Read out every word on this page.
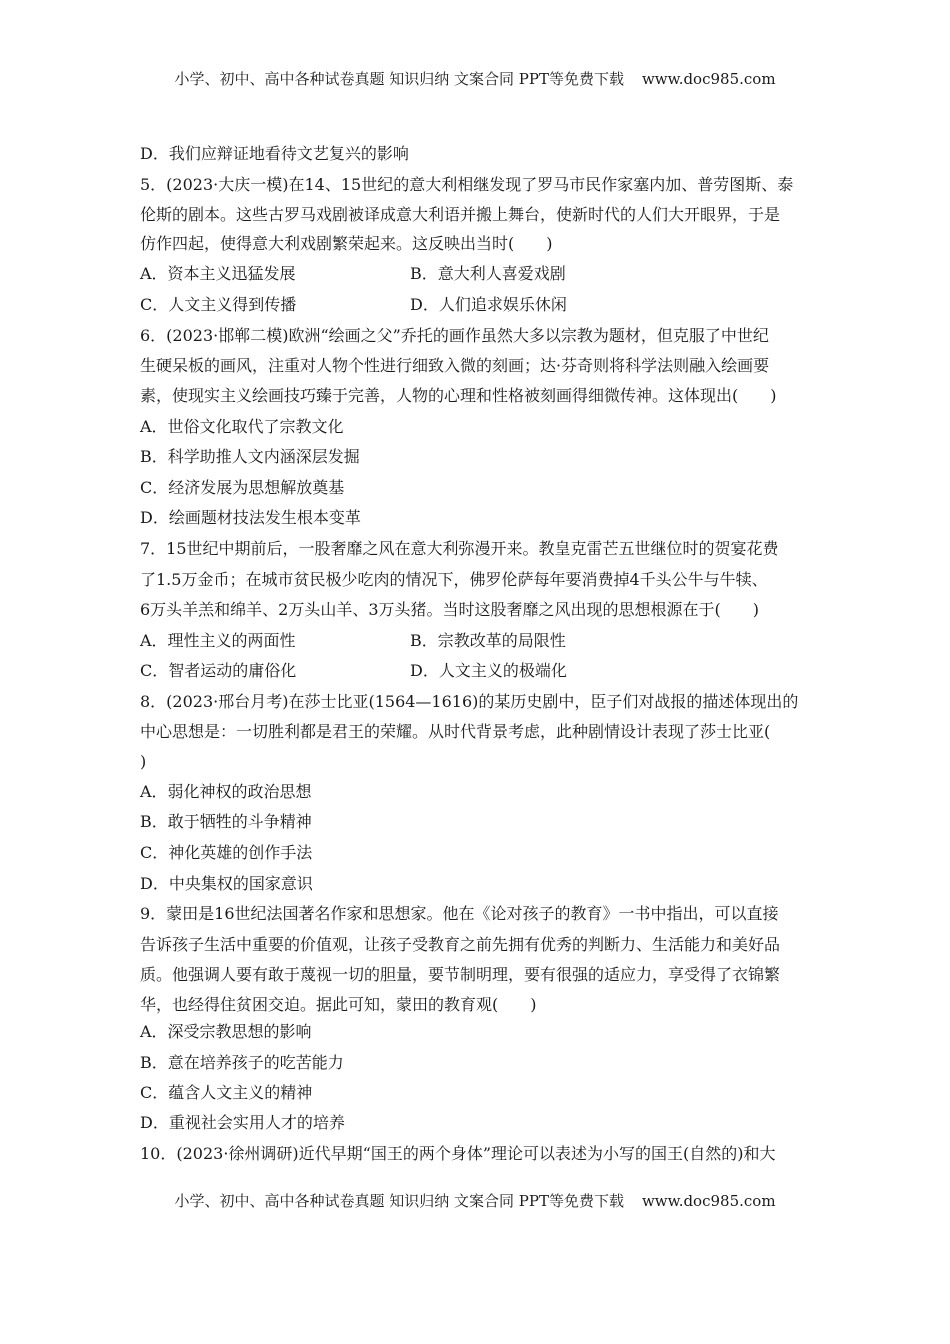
小学、初中、高中各种试卷真题 知识归纳 文案合同 PPT等免费下载 www.doc985.com
D．我们应辩证地看待文艺复兴的影响
5．(2023·大庆一模)在14、15世纪的意大利相继发现了罗马市民作家塞内加、普劳图斯、泰
伦斯的剧本。这些古罗马戏剧被译成意大利语并搬上舞台，使新时代的人们大开眼界，于是
仿作四起，使得意大利戏剧繁荣起来。这反映出当时(　　)
A．资本主义迅猛发展	B．意大利人喜爱戏剧
C．人文主义得到传播	D．人们追求娱乐休闲
6．(2023·邯郸二模)欧洲“绘画之父”乔托的画作虽然大多以宗教为题材，但克服了中世纪
生硬呆板的画风，注重对人物个性进行细致入微的刻画；达·芬奇则将科学法则融入绘画要
素，使现实主义绘画技巧臻于完善，人物的心理和性格被刻画得细微传神。这体现出(　　)
A．世俗文化取代了宗教文化
B．科学助推人文内涵深层发掘
C．经济发展为思想解放奠基
D．绘画题材技法发生根本变革
7．15世纪中期前后，一股奢靡之风在意大利弥漫开来。教皇克雷芒五世继位时的贺宴花费
了1.5万金币；在城市贫民极少吃肉的情况下，佛罗伦萨每年要消费掉4千头公牛与牛犊、
6万头羊羔和绵羊、2万头山羊、3万头猪。当时这股奢靡之风出现的思想根源在于(　　)
A．理性主义的两面性	B．宗教改革的局限性
C．智者运动的庸俗化	D．人文主义的极端化
8．(2023·邢台月考)在莎士比亚(1564—1616)的某历史剧中，臣子们对战报的描述体现出的
中心思想是：一切胜利都是君王的荣耀。从时代背景考虑，此种剧情设计表现了莎士比亚(
)
A．弱化神权的政治思想
B．敢于牺牲的斗争精神
C．神化英雄的创作手法
D．中央集权的国家意识
9．蒙田是16世纪法国著名作家和思想家。他在《论对孩子的教育》一书中指出，可以直接
告诉孩子生活中重要的价值观，让孩子受教育之前先拥有优秀的判断力、生活能力和美好品
质。他强调人要有敢于蔑视一切的胆量，要节制明理，要有很强的适应力，享受得了衣锦繁
华，也经得住贫困交迫。据此可知，蒙田的教育观(　　)
A．深受宗教思想的影响
B．意在培养孩子的吃苦能力
C．蕴含人文主义的精神
D．重视社会实用人才的培养
10．(2023·徐州调研)近代早期“国王的两个身体”理论可以表述为小写的国王(自然的)和大
小学、初中、高中各种试卷真题 知识归纳 文案合同 PPT等免费下载 www.doc985.com
